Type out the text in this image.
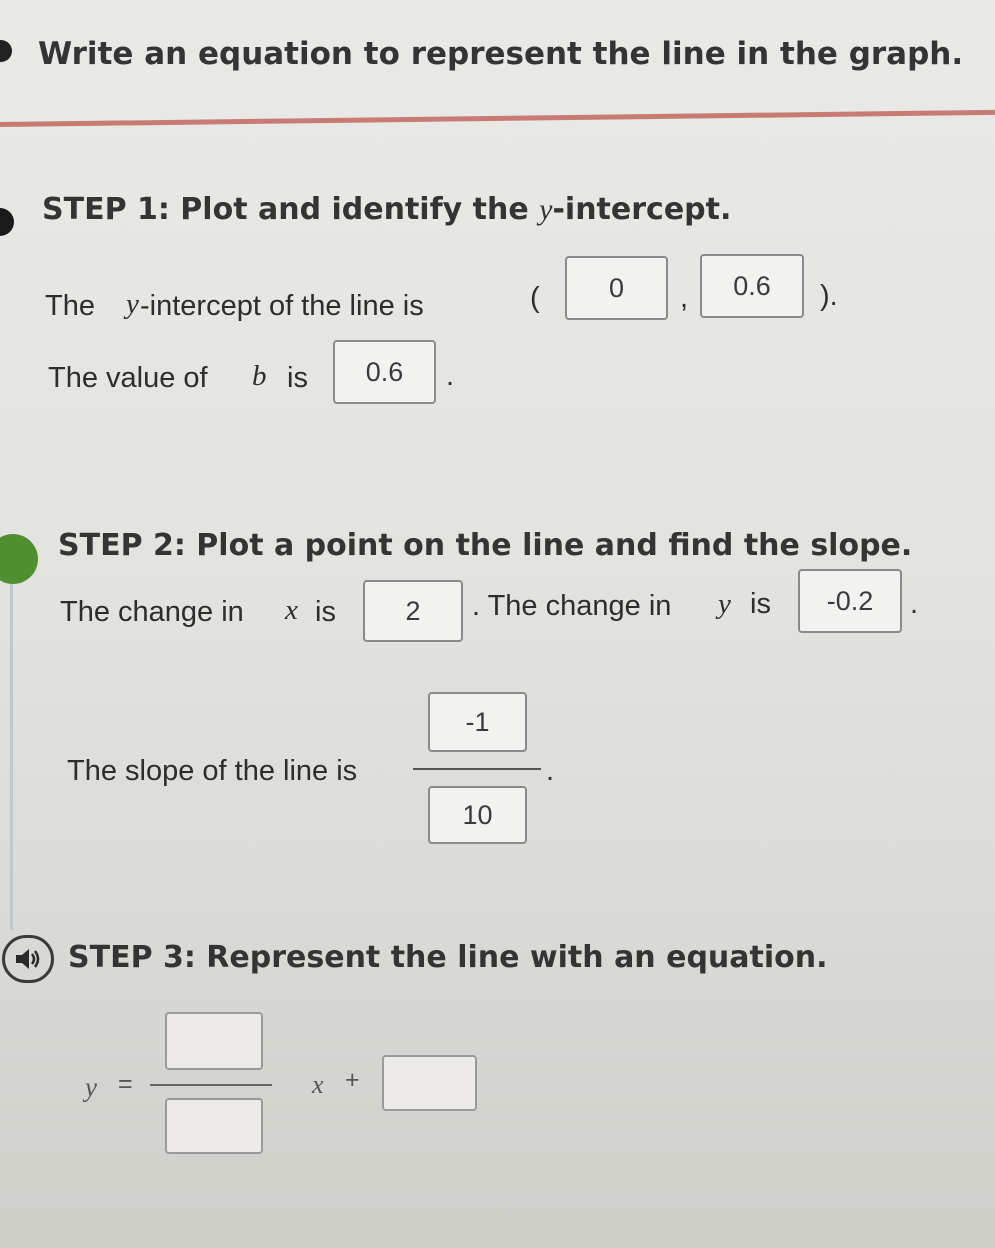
Write an equation to represent the line in the graph.
STEP 1: Plot and identify the y-intercept.
The y -intercept of the line is	(	0	,	0.6	).
The value of b is	0.6	.
STEP 2: Plot a point on the line and find the slope.
The change in x is	2	. The change in y is	-0.2	.
The slope of the line is
-1
10
.
STEP 3: Represent the line with an equation.
y =	x +
